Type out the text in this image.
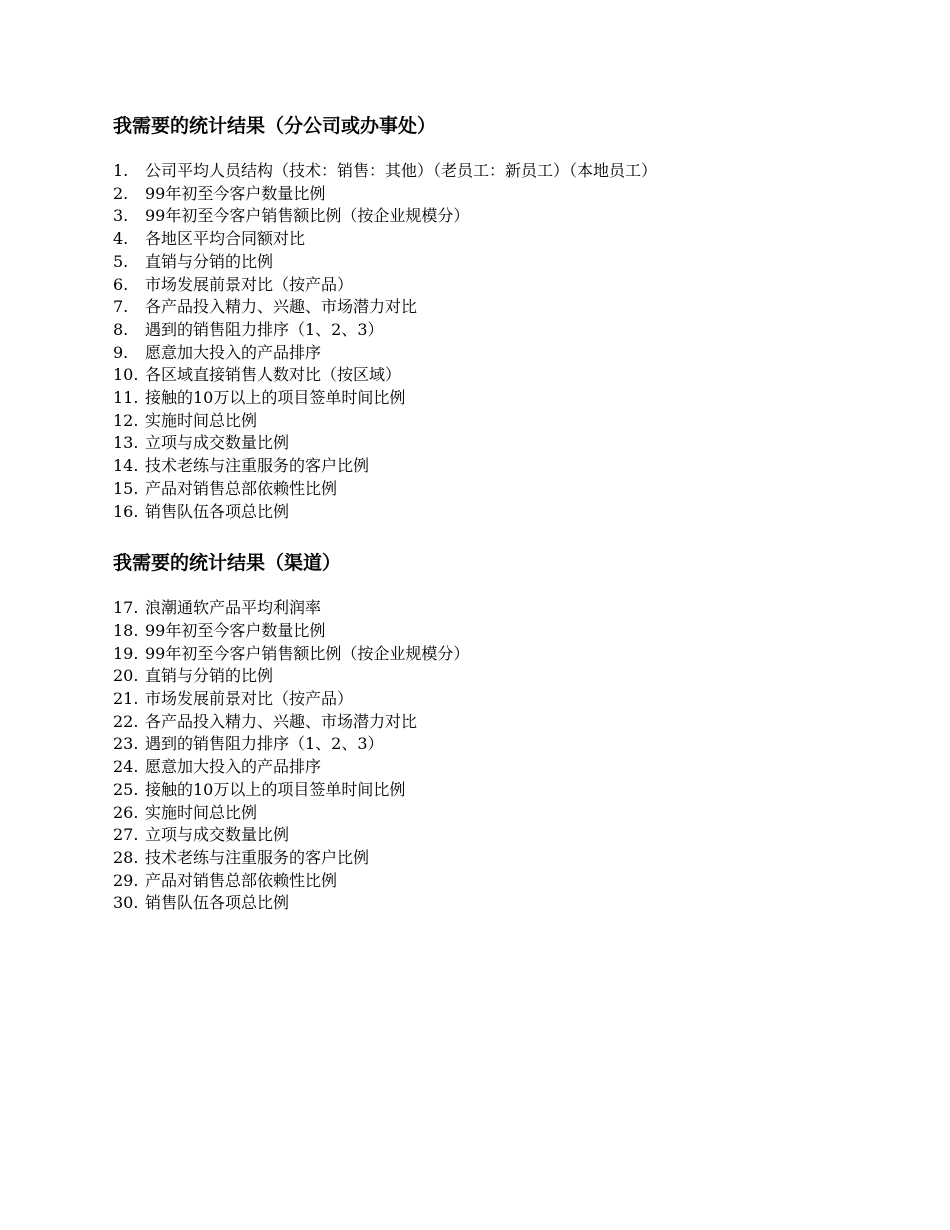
我需要的统计结果（分公司或办事处）
1.	公司平均人员结构（技术：销售：其他）（老员工：新员工）（本地员工）
2.	99年初至今客户数量比例
3.	99年初至今客户销售额比例（按企业规模分）
4.	各地区平均合同额对比
5.	直销与分销的比例
6.	市场发展前景对比（按产品）
7.	各产品投入精力、兴趣、市场潜力对比
8.	遇到的销售阻力排序（1、2、3）
9.	愿意加大投入的产品排序
10. 各区域直接销售人数对比（按区域）
11. 接触的10万以上的项目签单时间比例
12. 实施时间总比例
13. 立项与成交数量比例
14. 技术老练与注重服务的客户比例
15. 产品对销售总部依赖性比例
16. 销售队伍各项总比例
我需要的统计结果（渠道）
17. 浪潮通软产品平均利润率
18. 99年初至今客户数量比例
19. 99年初至今客户销售额比例（按企业规模分）
20. 直销与分销的比例
21. 市场发展前景对比（按产品）
22. 各产品投入精力、兴趣、市场潜力对比
23. 遇到的销售阻力排序（1、2、3）
24. 愿意加大投入的产品排序
25. 接触的10万以上的项目签单时间比例
26. 实施时间总比例
27. 立项与成交数量比例
28. 技术老练与注重服务的客户比例
29. 产品对销售总部依赖性比例
30. 销售队伍各项总比例
